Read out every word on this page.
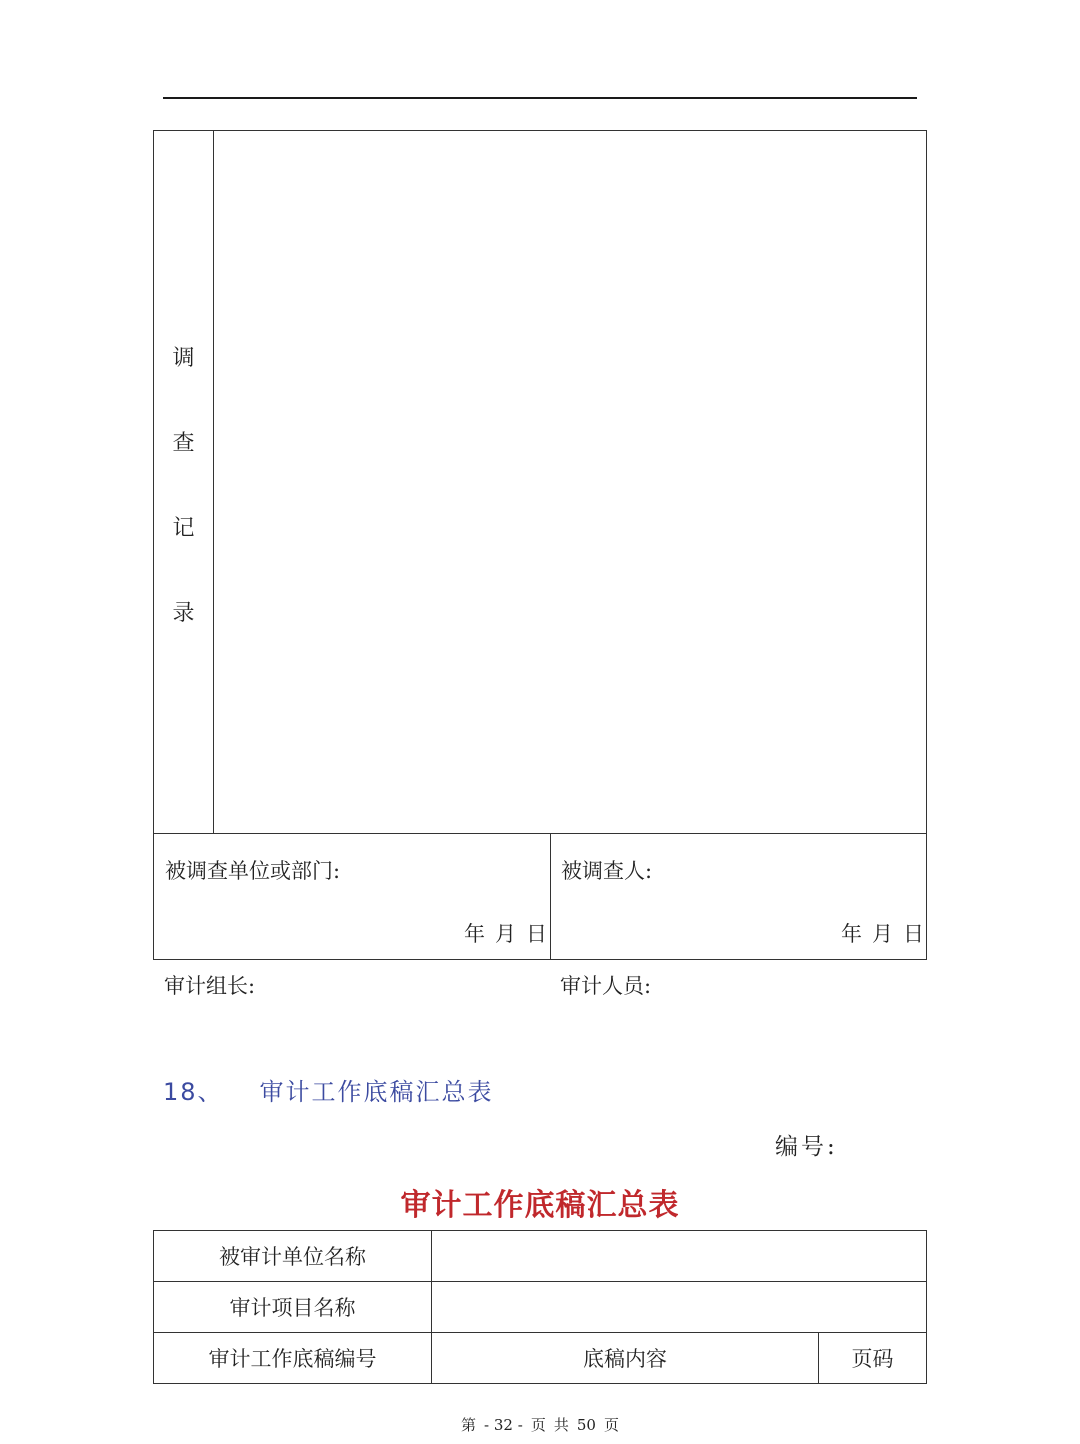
调
查
记
录
被调查单位或部门:
年 月 日
被调查人:
年 月 日
审计组长:	审计人员:
18、 审计工作底稿汇总表
编号:
审计工作底稿汇总表
被审计单位名称		
审计项目名称		
审计工作底稿编号	底稿内容	页码
第 - 32 - 页 共 50 页
